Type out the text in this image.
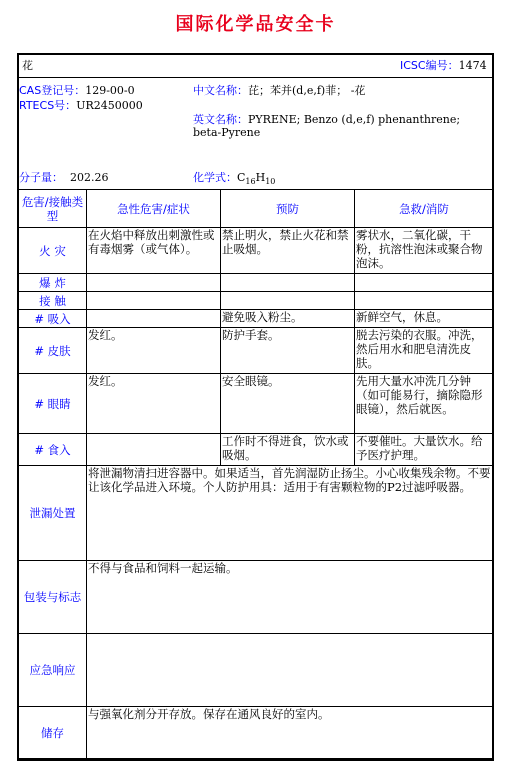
国际化学品安全卡
花	ICSC编号：1474
CAS登记号：129-00-0
RTECS号：UR2450000
中文名称：芘；苯并(d,e,f)菲； -花
英文名称：PYRENE; Benzo (d,e,f) phenanthrene; beta-Pyrene
分子量： 202.26	化学式：$C_{16}H_{10}$
危害/接触类型	急性危害/症状	预防	急救/消防
火 灾	在火焰中释放出刺激性或有毒烟雾（或气体）。	禁止明火，禁止火花和禁止吸烟。	雾状水，二氧化碳，干粉，抗溶性泡沫或聚合物泡沫。
爆 炸			
接 触			
# 吸入		避免吸入粉尘。	新鲜空气，休息。
# 皮肤	发红。	防护手套。	脱去污染的衣服。冲洗，然后用水和肥皂清洗皮肤。
# 眼睛	发红。	安全眼镜。	先用大量水冲洗几分钟（如可能易行，摘除隐形眼镜），然后就医。
# 食入		工作时不得进食，饮水或吸烟。	不要催吐。大量饮水。给予医疗护理。
泄漏处置	将泄漏物清扫进容器中。如果适当，首先润湿防止扬尘。小心收集残余物。不要让该化学品进入环境。个人防护用具：适用于有害颗粒物的P2过滤呼吸器。		
包装与标志	不得与食品和饲料一起运输。		
应急响应			
储存	与强氧化剂分开存放。保存在通风良好的室内。		
